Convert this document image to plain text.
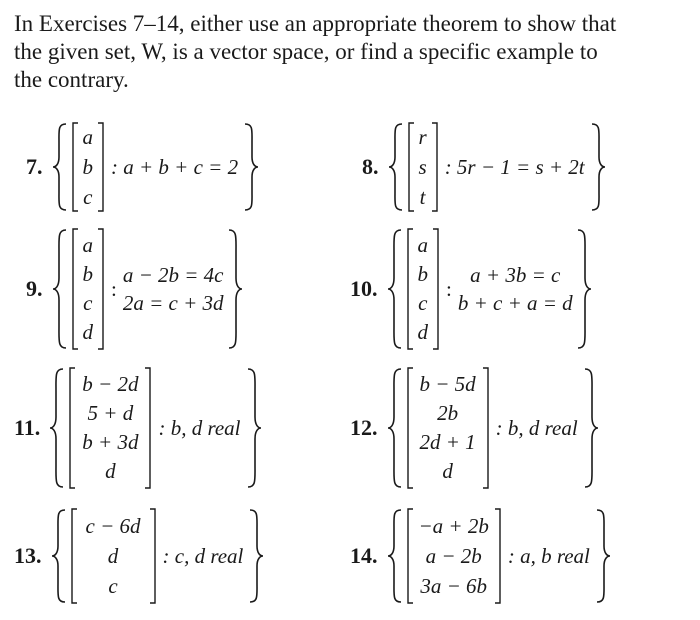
In Exercises 7–14, either use an appropriate theorem to show that
the given set, W, is a vector space, or find a specific example to
the contrary.
7.
a
b
c
: a + b + c = 2	8.
r
s
t
: 5r − 1 = s + 2t
9.
a
b
c
d
:
a − 2b = 4c
2a = c + 3d
10.
a
b
c
d
:
a + 3b = c
b + c + a = d
11.
b − 2d
5 + d
b + 3d
d
: b, d real	12.
b − 5d
2b
2d + 1
d
: b, d real
13.
c − 6d
d
c
: c, d real	14.
−a + 2b
a − 2b
3a − 6b
: a, b real
